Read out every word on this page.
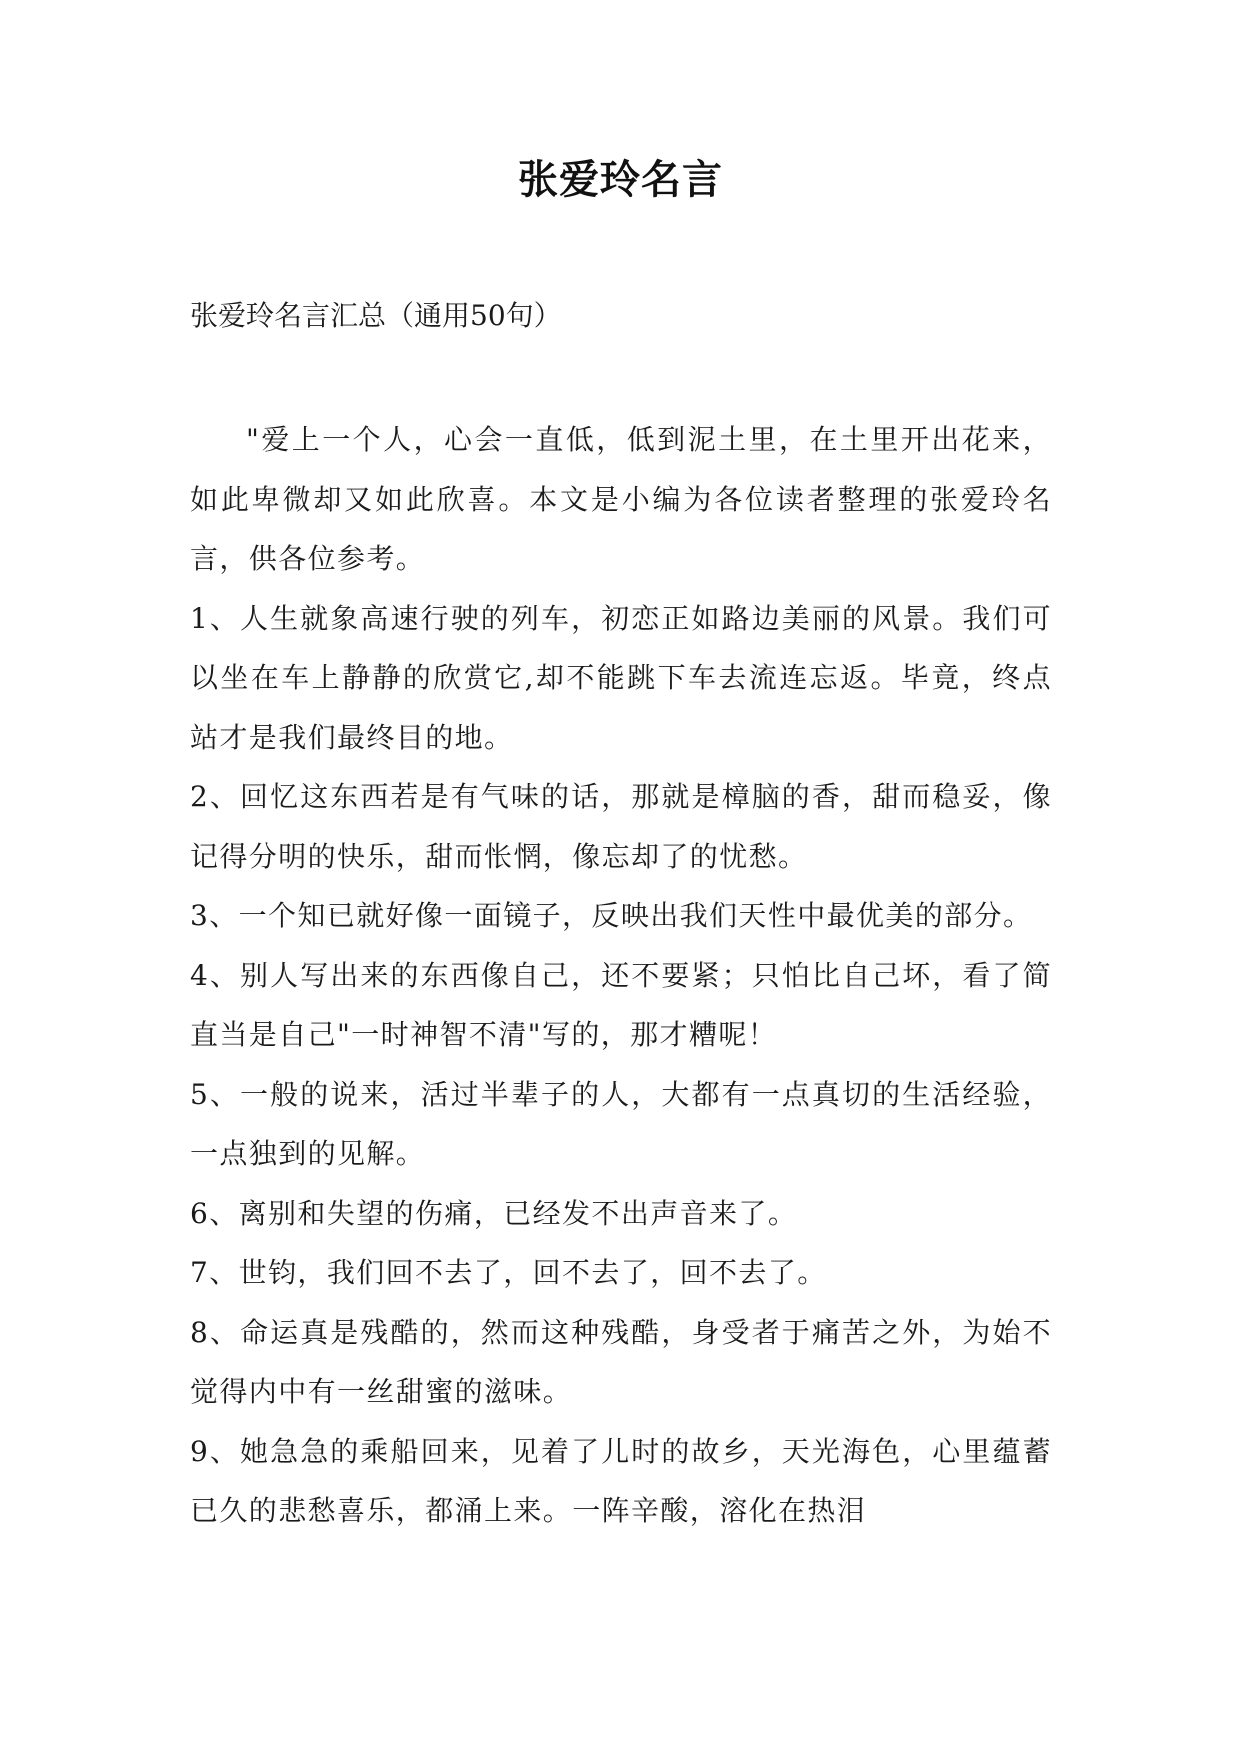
张爱玲名言
张爱玲名言汇总（通用50句）

"爱上一个人，心会一直低，低到泥土里，在土里开出花来，如此卑微却又如此欣喜。本文是小编为各位读者整理的张爱玲名言，供各位参考。

1、人生就象高速行驶的列车，初恋正如路边美丽的风景。我们可以坐在车上静静的欣赏它,却不能跳下车去流连忘返。毕竟，终点站才是我们最终目的地。

2、回忆这东西若是有气味的话，那就是樟脑的香，甜而稳妥，像记得分明的快乐，甜而怅惘，像忘却了的忧愁。

3、一个知已就好像一面镜子，反映出我们天性中最优美的部分。

4、别人写出来的东西像自己，还不要紧；只怕比自己坏，看了简直当是自己"一时神智不清"写的，那才糟呢！

5、一般的说来，活过半辈子的人，大都有一点真切的生活经验，一点独到的见解。

6、离别和失望的伤痛，已经发不出声音来了。

7、世钧，我们回不去了，回不去了，回不去了。

8、命运真是残酷的，然而这种残酷，身受者于痛苦之外，为始不觉得内中有一丝甜蜜的滋味。

9、她急急的乘船回来，见着了儿时的故乡，天光海色，心里蕴蓄已久的悲愁喜乐，都涌上来。一阵辛酸，溶化在热泪
